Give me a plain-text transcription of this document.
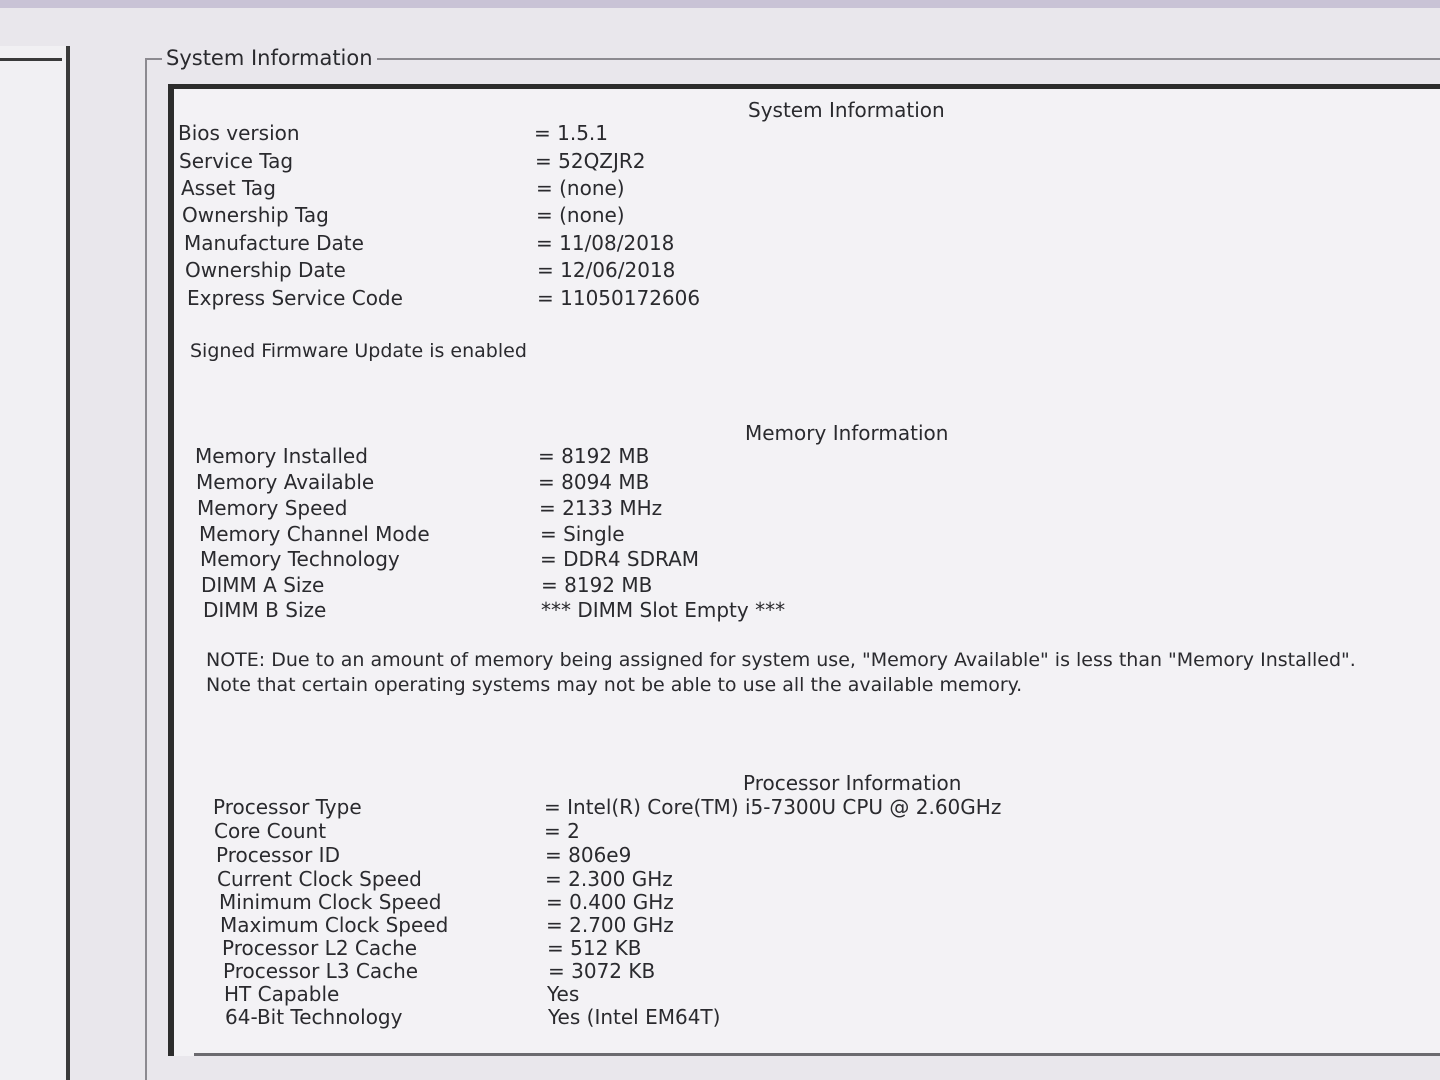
System Information
System Information
Bios version	= 1.5.1
Service Tag	= 52QZJR2
Asset Tag	= (none)
Ownership Tag	= (none)
Manufacture Date	= 11/08/2018
Ownership Date	= 12/06/2018
Express Service Code	= 11050172606
Signed Firmware Update is enabled
Memory Information
Memory Installed	= 8192 MB
Memory Available	= 8094 MB
Memory Speed	= 2133 MHz
Memory Channel Mode	= Single
Memory Technology	= DDR4 SDRAM
DIMM A Size	= 8192 MB
DIMM B Size	*** DIMM Slot Empty ***
NOTE: Due to an amount of memory being assigned for system use, "Memory Available" is less than "Memory Installed". Note that certain operating systems may not be able to use all the available memory.
Processor Information
Processor Type	= Intel(R) Core(TM) i5-7300U CPU @ 2.60GHz
Core Count	= 2
Processor ID	= 806e9
Current Clock Speed	= 2.300 GHz
Minimum Clock Speed	= 0.400 GHz
Maximum Clock Speed	= 2.700 GHz
Processor L2 Cache	= 512 KB
Processor L3 Cache	= 3072 KB
HT Capable	Yes
64-Bit Technology	Yes (Intel EM64T)
